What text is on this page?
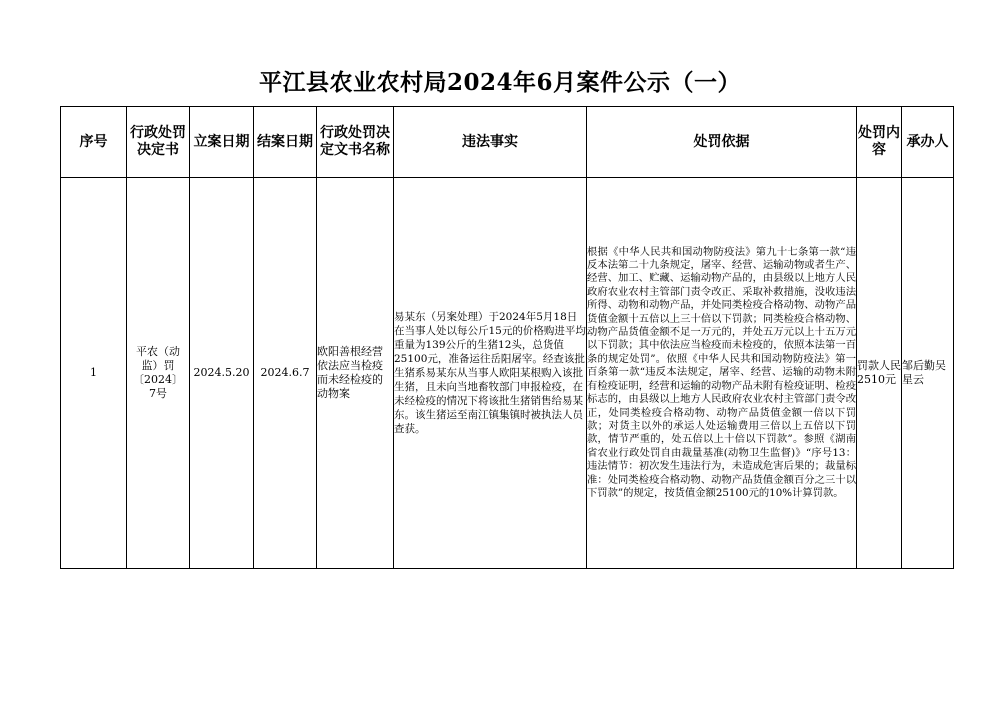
平江县农业农村局2024年6月案件公示（一）
序号	行政处罚决定书	立案日期	结案日期	行政处罚决定文书名称	违法事实	处罚依据	处罚内容	承办人
1	平农（动监）罚〔2024〕7号	2024.5.20	2024.6.7	欧阳善根经营依法应当检疫而未经检疫的动物案	易某东（另案处理）于2024年5月18日在当事人处以每公斤15元的价格购进平均重量为139公斤的生猪12头，总货值25100元，准备运往岳阳屠宰。经查该批生猪系易某东从当事人欧阳某根购入该批生猪，且未向当地畜牧部门申报检疫，在未经检疫的情况下将该批生猪销售给易某东。该生猪运至南江镇集镇时被执法人员查获。	根据《中华人民共和国动物防疫法》第九十七条第一款“违反本法第二十九条规定，屠宰、经营、运输动物或者生产、经营、加工、贮藏、运输动物产品的，由县级以上地方人民政府农业农村主管部门责令改正、采取补救措施，没收违法所得、动物和动物产品，并处同类检疫合格动物、动物产品货值金额十五倍以上三十倍以下罚款；同类检疫合格动物、动物产品货值金额不足一万元的，并处五万元以上十五万元以下罚款；其中依法应当检疫而未检疫的，依照本法第一百条的规定处罚”。依照《中华人民共和国动物防疫法》第一百条第一款“违反本法规定，屠宰、经营、运输的动物未附有检疫证明，经营和运输的动物产品未附有检疫证明、检疫标志的，由县级以上地方人民政府农业农村主管部门责令改正，处同类检疫合格动物、动物产品货值金额一倍以下罚款；对货主以外的承运人处运输费用三倍以上五倍以下罚款，情节严重的，处五倍以上十倍以下罚款”。参照《湖南省农业行政处罚自由裁量基准(动物卫生监督)》“序号13：违法情节：初次发生违法行为，未造成危害后果的；裁量标准：处同类检疫合格动物、动物产品货值金额百分之三十以下罚款”的规定，按货值金额25100元的10%计算罚款。	罚款人民2510元	邹后勤吴星云
